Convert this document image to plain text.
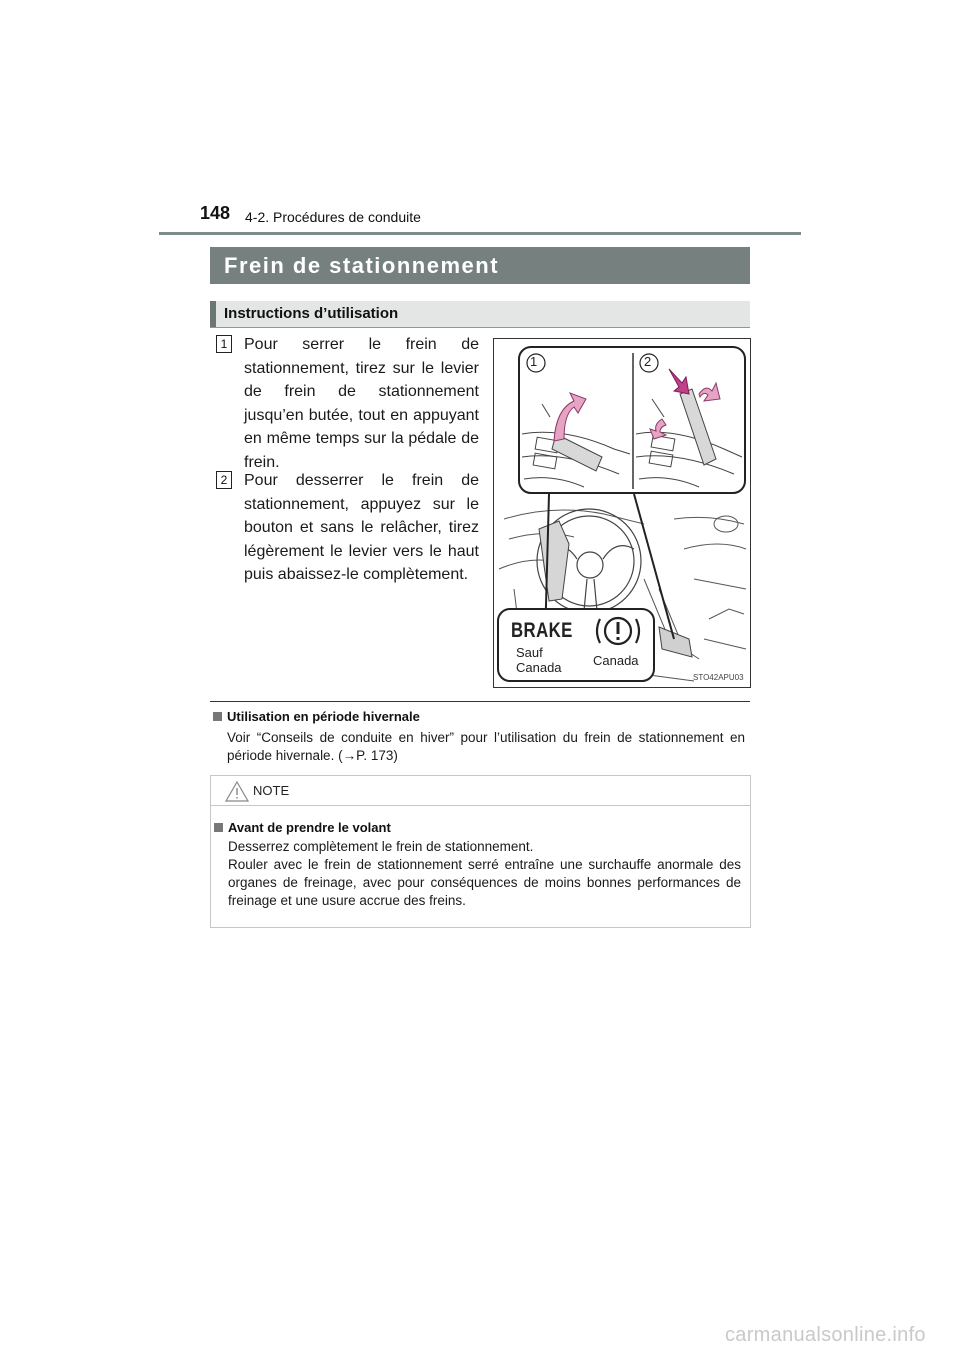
148 4-2. Procédures de conduite
Frein de stationnement
Instructions d’utilisation
1 Pour serrer le frein de stationnement, tirez sur le levier de frein de stationnement jusqu’en butée, tout en appuyant en même temps sur la pédale de frein.
2 Pour desserrer le frein de stationnement, appuyez sur le bouton et sans le relâcher, tirez légèrement le levier vers le haut puis abaissez-le complètement.
1	2
BRAKE
Sauf
Canada Canada
STO42APU03
Utilisation en période hivernale
Voir “Conseils de conduite en hiver” pour l’utilisation du frein de stationnement en période hivernale. (→P. 173)
NOTE
Avant de prendre le volant
Desserrez complètement le frein de stationnement.
Rouler avec le frein de stationnement serré entraîne une surchauffe anormale des organes de freinage, avec pour conséquences de moins bonnes performances de freinage et une usure accrue des freins.
carmanualsonline.info
